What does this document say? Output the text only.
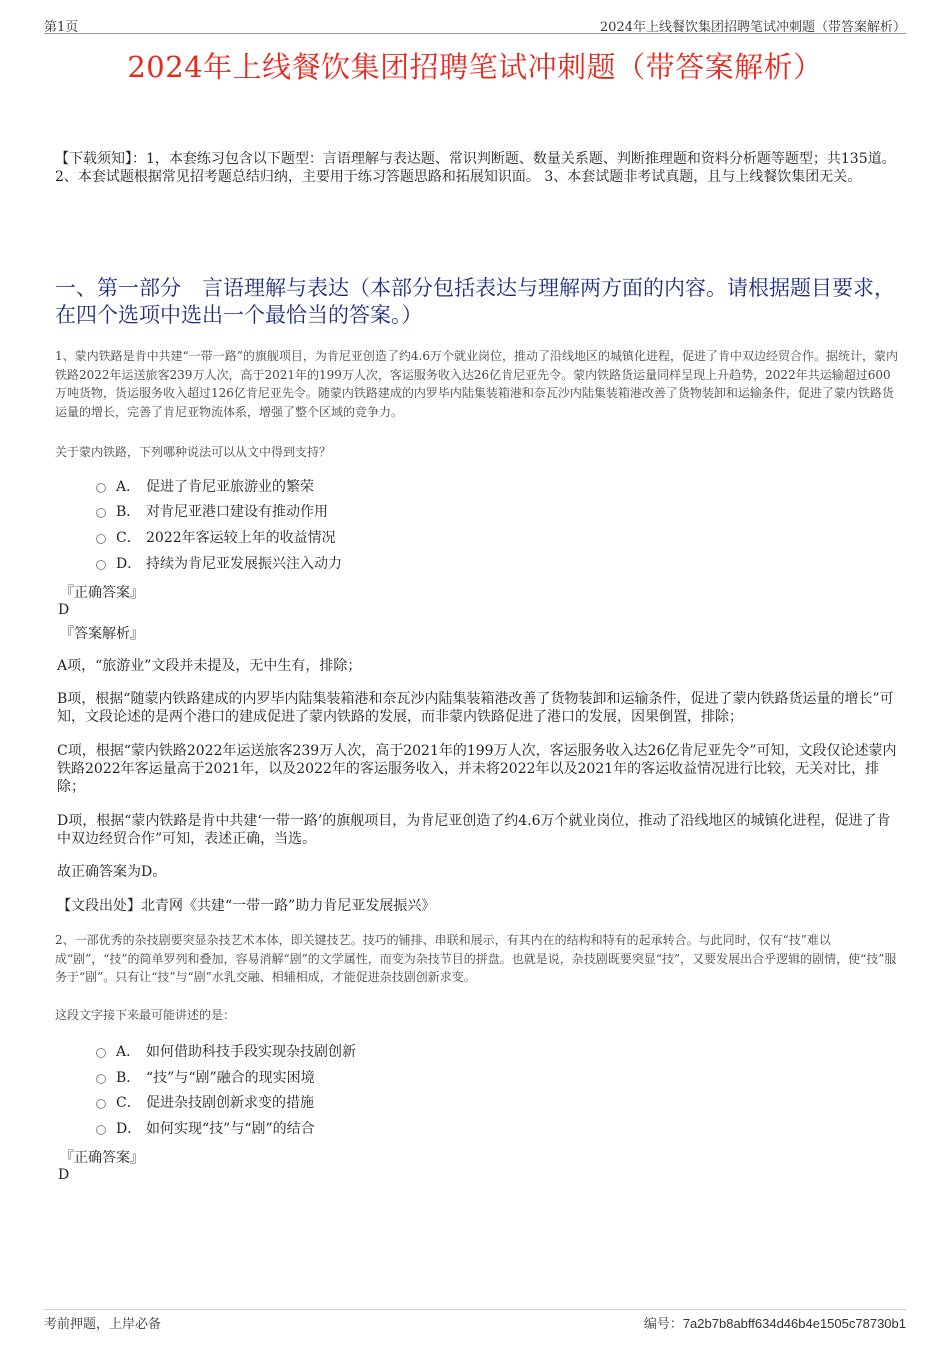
第1页	2024年上线餐饮集团招聘笔试冲刺题（带答案解析）
2024年上线餐饮集团招聘笔试冲刺题（带答案解析）
【下载须知】：1，本套练习包含以下题型：言语理解与表达题、常识判断题、数量关系题、判断推理题和资料分析题等题型；共135道。 2、本套试题根据常见招考题总结归纳，主要用于练习答题思路和拓展知识面。 3、本套试题非考试真题，且与上线餐饮集团无关。
一、第一部分　言语理解与表达（本部分包括表达与理解两方面的内容。请根据题目要求，在四个选项中选出一个最恰当的答案。）
1、蒙内铁路是肯中共建“一带一路”的旗舰项目，为肯尼亚创造了约4.6万个就业岗位，推动了沿线地区的城镇化进程，促进了肯中双边经贸合作。据统计，蒙内铁路2022年运送旅客239万人次，高于2021年的199万人次，客运服务收入达26亿肯尼亚先令。蒙内铁路货运量同样呈现上升趋势，2022年共运输超过600万吨货物，货运服务收入超过126亿肯尼亚先令。随蒙内铁路建成的内罗毕内陆集装箱港和奈瓦沙内陆集装箱港改善了货物装卸和运输条件，促进了蒙内铁路货运量的增长，完善了肯尼亚物流体系，增强了整个区域的竞争力。
关于蒙内铁路，下列哪种说法可以从文中得到支持？
A． 促进了肯尼亚旅游业的繁荣
B． 对肯尼亚港口建设有推动作用
C． 2022年客运较上年的收益情况
D． 持续为肯尼亚发展振兴注入动力
『正确答案』
D
『答案解析』
A项，“旅游业”文段并未提及，无中生有，排除；
B项，根据“随蒙内铁路建成的内罗毕内陆集装箱港和奈瓦沙内陆集装箱港改善了货物装卸和运输条件，促进了蒙内铁路货运量的增长”可知，文段论述的是两个港口的建成促进了蒙内铁路的发展，而非蒙内铁路促进了港口的发展，因果倒置，排除；
C项，根据“蒙内铁路2022年运送旅客239万人次，高于2021年的199万人次，客运服务收入达26亿肯尼亚先令”可知，文段仅论述蒙内铁路2022年客运量高于2021年，以及2022年的客运服务收入，并未将2022年以及2021年的客运收益情况进行比较，无关对比，排除；
D项，根据“蒙内铁路是肯中共建‘一带一路’的旗舰项目，为肯尼亚创造了约4.6万个就业岗位，推动了沿线地区的城镇化进程，促进了肯中双边经贸合作”可知，表述正确，当选。
故正确答案为D。
【文段出处】北青网《共建“一带一路”助力肯尼亚发展振兴》
2、一部优秀的杂技剧要突显杂技艺术本体，即关键技艺。技巧的铺排、串联和展示，有其内在的结构和特有的起承转合。与此同时，仅有“技”难以成“剧”，“技”的简单罗列和叠加，容易消解“剧”的文学属性，而变为杂技节目的拼盘。也就是说，杂技剧既要突显“技”，又要发展出合乎逻辑的剧情，使“技”服务于“剧”。只有让“技”与“剧”水乳交融、相辅相成，才能促进杂技剧创新求变。
这段文字接下来最可能讲述的是：
A． 如何借助科技手段实现杂技剧创新
B． “技”与“剧”融合的现实困境
C． 促进杂技剧创新求变的措施
D． 如何实现“技”与“剧”的结合
『正确答案』
D
考前押题，上岸必备	编号：7a2b7b8abff634d46b4e1505c78730b1
